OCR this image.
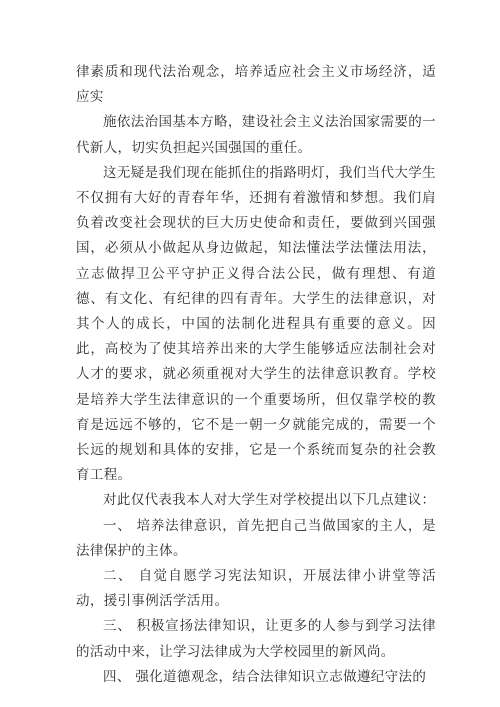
律素质和现代法治观念，培养适应社会主义市场经济，适应实

施依法治国基本方略，建设社会主义法治国家需要的一代新人，切实负担起兴国强国的重任。

这无疑是我们现在能抓住的指路明灯，我们当代大学生不仅拥有大好的青春年华，还拥有着激情和梦想。我们肩负着改变社会现状的巨大历史使命和责任，要做到兴国强国，必须从小做起从身边做起，知法懂法学法懂法用法，立志做捍卫公平守护正义得合法公民，做有理想、有道德、有文化、有纪律的四有青年。大学生的法律意识，对其个人的成长，中国的法制化进程具有重要的意义。因此，高校为了使其培养出来的大学生能够适应法制社会对人才的要求，就必须重视对大学生的法律意识教育。学校是培养大学生法律意识的一个重要场所，但仅靠学校的教育是远远不够的，它不是一朝一夕就能完成的，需要一个长远的规划和具体的安排，它是一个系统而复杂的社会教育工程。

对此仅代表我本人对大学生对学校提出以下几点建议：

一、 培养法律意识，首先把自己当做国家的主人，是法律保护的主体。

二、 自觉自愿学习宪法知识，开展法律小讲堂等活动，援引事例活学活用。

三、 积极宣扬法律知识，让更多的人参与到学习法律的活动中来，让学习法律成为大学校园里的新风尚。

四、 强化道德观念，结合法律知识立志做遵纪守法的
